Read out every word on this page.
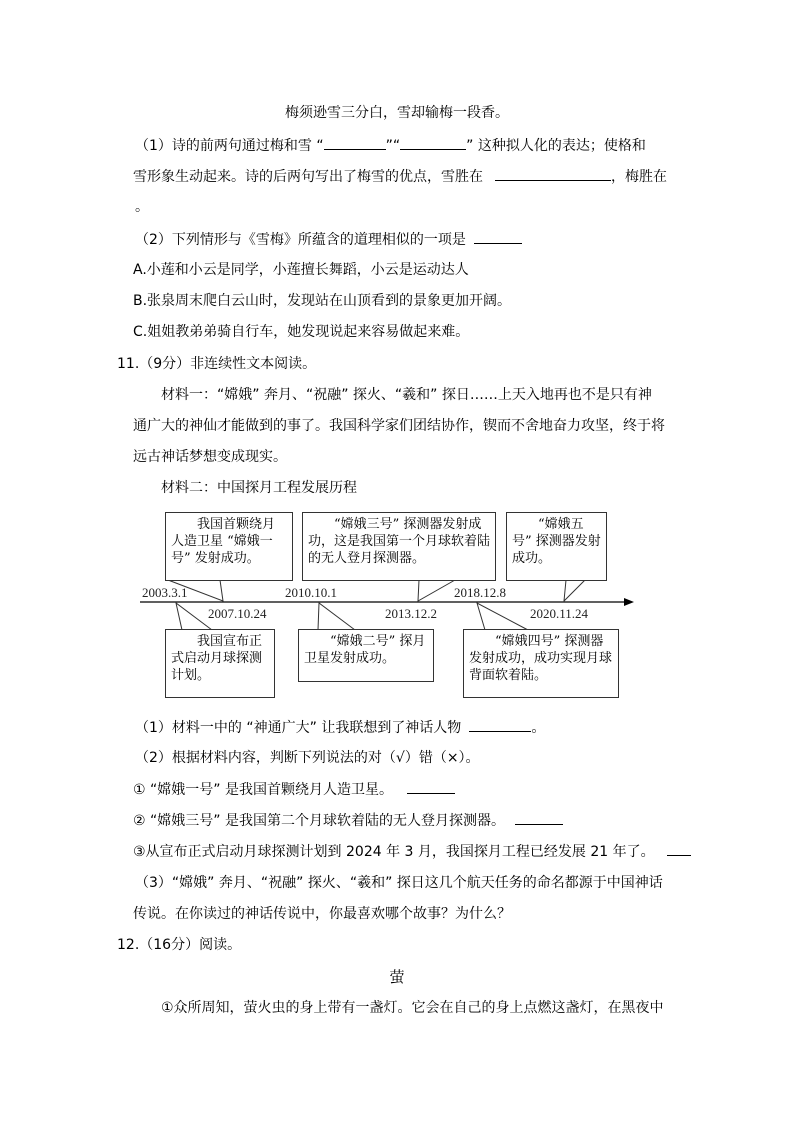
梅须逊雪三分白，雪却输梅一段香。
（1）诗的前两句通过梅和雪 “	”“	” 这种拟人化的表达；使格和
雪形象生动起来。诗的后两句写出了梅雪的优点，雪胜在	，梅胜在
。
（2）下列情形与《雪梅》所蕴含的道理相似的一项是
A.小莲和小云是同学，小莲擅长舞蹈，小云是运动达人
B.张泉周末爬白云山时，发现站在山顶看到的景象更加开阔。
C.姐姐教弟弟骑自行车，她发现说起来容易做起来难。
11.（9分）非连续性文本阅读。
材料一：“嫦娥” 奔月、“祝融” 探火、“羲和” 探日……上天入地再也不是只有神
通广大的神仙才能做到的事了。我国科学家们团结协作，锲而不舍地奋力攻坚，终于将
远古神话梦想变成现实。
材料二：中国探月工程发展历程
　　我国首颗绕月人造卫星 “嫦娥一号” 发射成功。
　　“嫦娥三号” 探测器发射成功，这是我国第一个月球软着陆的无人登月探测器。
　　“嫦娥五号” 探测器发射成功。
　　我国宣布正式启动月球探测计划。
　　“嫦娥二号” 探月卫星发射成功。
　　“嫦娥四号” 探测器发射成功，成功实现月球背面软着陆。
2003.3.1	2010.10.1	2018.12.8
2007.10.24	2013.12.2	2020.11.24
（1）材料一中的 “神通广大” 让我联想到了神话人物	。
（2）根据材料内容，判断下列说法的对（√）错（×）。
① “嫦娥一号” 是我国首颗绕月人造卫星。
② “嫦娥三号” 是我国第二个月球软着陆的无人登月探测器。
③从宣布正式启动月球探测计划到 2024 年 3 月，我国探月工程已经发展 21 年了。
（3）“嫦娥” 奔月、“祝融” 探火、“羲和” 探日这几个航天任务的命名都源于中国神话
传说。在你读过的神话传说中，你最喜欢哪个故事？为什么？
12.（16分）阅读。
萤
①众所周知，萤火虫的身上带有一盏灯。它会在自己的身上点燃这盏灯，在黑夜中
